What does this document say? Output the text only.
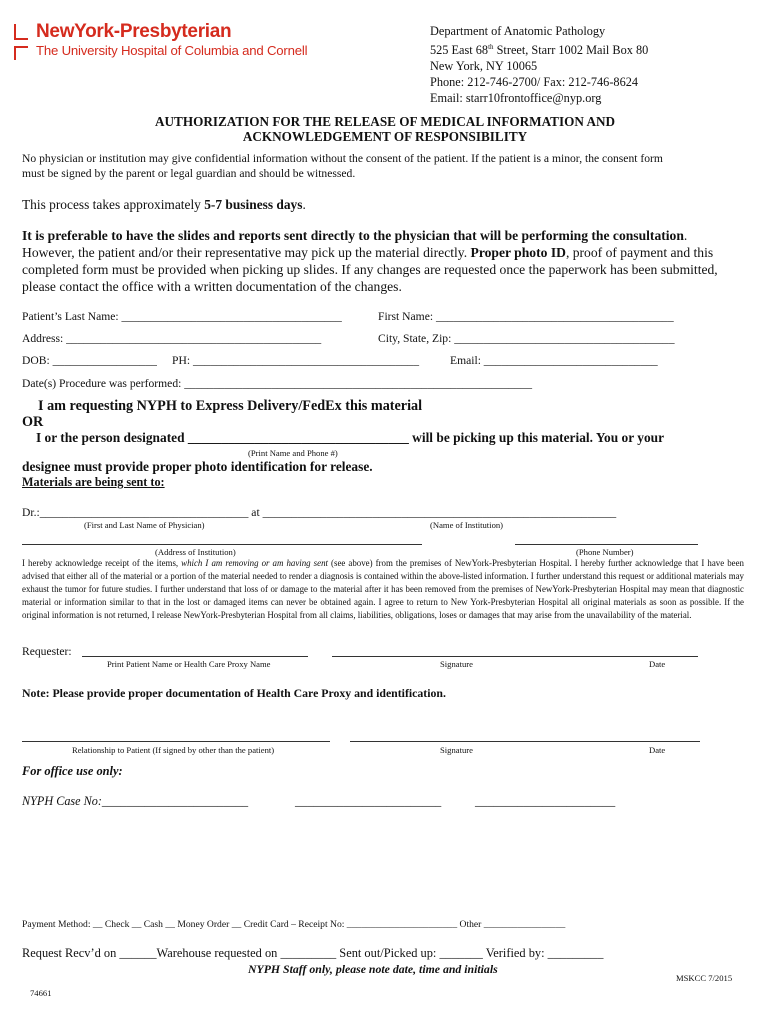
NewYork-Presbyterian
The University Hospital of Columbia and Cornell
Department of Anatomic Pathology
525 East 68th Street, Starr 1002 Mail Box 80
New York, NY 10065
Phone: 212-746-2700/ Fax: 212-746-8624
Email: starr10frontoffice@nyp.org
AUTHORIZATION FOR THE RELEASE OF MEDICAL INFORMATION AND
ACKNOWLEDGEMENT OF RESPONSIBILITY
No physician or institution may give confidential information without the consent of the patient. If the patient is a minor, the consent form
must be signed by the parent or legal guardian and should be witnessed.
This process takes approximately 5-7 business days.
It is preferable to have the slides and reports sent directly to the physician that will be performing the consultation.
However, the patient and/or their representative may pick up the material directly. Proper photo ID, proof of payment and this
completed form must be provided when picking up slides. If any changes are requested once the paperwork has been submitted,
please contact the office with a written documentation of the changes.
Patient’s Last Name: ______________________________________	First Name: _________________________________________
Address: ____________________________________________	City, State, Zip: ______________________________________
DOB: __________________ PH: _______________________________________	Email: ______________________________
Date(s) Procedure was performed: ____________________________________________________________
I am requesting NYPH to Express Delivery/FedEx this material
OR
I or the person designated _________________________________ will be picking up this material. You or your
(Print Name and Phone #)
designee must provide proper photo identification for release.
Materials are being sent to:
Dr.:____________________________________ at _____________________________________________________________
(First and Last Name of Physician)	(Name of Institution)
(Address of Institution)	(Phone Number)
I hereby acknowledge receipt of the items, which I am removing or am having sent (see above) from the premises of NewYork-Presbyterian Hospital. I hereby further acknowledge that I have been advised that either all of the material or a portion of the material needed to render a diagnosis is contained within the above-listed information. I further understand this request or additional materials may exhaust the tumor for future studies. I further understand that loss of or damage to the material after it has been removed from the premises of NewYork-Presbyterian Hospital may mean that diagnostic material or information similar to that in the lost or damaged items can never be obtained again. I agree to return to New York-Presbyterian Hospital all original materials as soon as possible. If the original information is not returned, I release NewYork-Presbyterian Hospital from all claims, liabilities, obligations, loses or damages that may arise from the unavailability of the material.
Requester:
Print Patient Name or Health Care Proxy Name	Signature	Date
Note: Please provide proper documentation of Health Care Proxy and identification.
Relationship to Patient (If signed by other than the patient)	Signature	Date
For office use only:
NYPH Case No:________________________	________________________	_______________________
Payment Method: __ Check __ Cash __ Money Order __ Credit Card – Receipt No: _______________________ Other _________________
Request Recv’d on ______Warehouse requested on _________ Sent out/Picked up: _______ Verified by: _________
NYPH Staff only, please note date, time and initials
MSKCC 7/2015
74661
